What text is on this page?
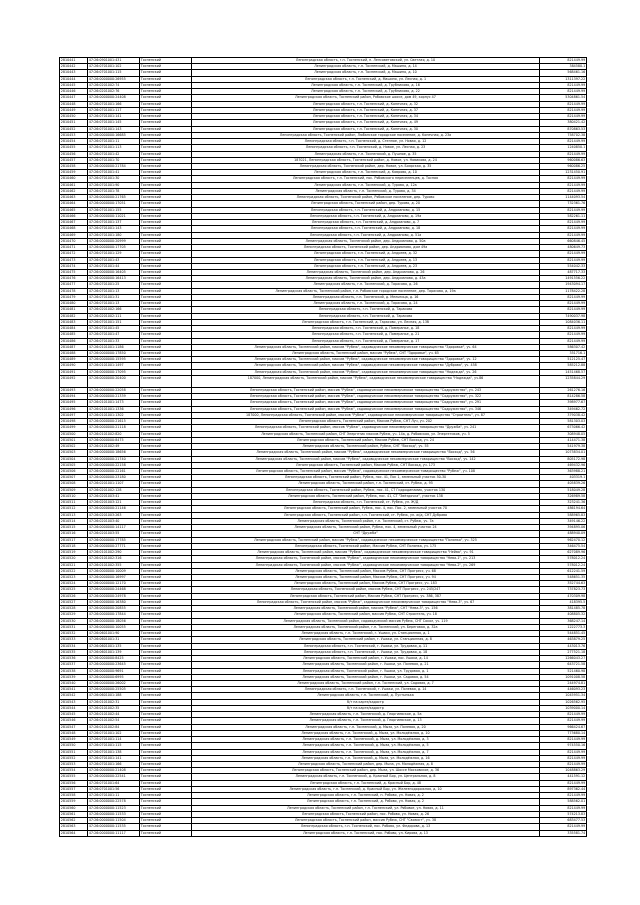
2810441	47:26:0901001:431	Тосненский	Ленинградская область, г.п. Тосненский, п. Ленсоветовский, ул. Светлая, д. 10	821449.99
2810442	47:26:0701001:102	Тосненский	Ленинградская область, г.п. Тосненский, д. Машино, д. 14	384580.1
2810443	47:26:0701001:115	Тосненский	Ленинградская область, г.п. Тосненский, д. Машино, д. 10	568461.16
2810444	47:26:0000000:26955	Тосненский	Ленинградская область, г.п. Тосненский, д. Машино, ул. Лесная, д. 1	1311397.22
2810445	47:26:0201002:74	Тосненский	Ленинградская область, г.п. Тосненский, д. Трубниково, д. 16	821449.99
2810446	47:26:0201002:76	Тосненский	Ленинградская область, г.п. Тосненский, д. Трубниково, д. 22	821449.99
2810447	47:26:0000000:24408	Тосненский	Ленинградская область, Тосненский район, Рябовское шоссе, дом 49, корпус 47	5304861.54
2810448	47:26:0701001:166	Тосненский	Ленинградская область, г.п. Тосненский, д. Конечная, д. 32	821449.99
2810449	47:26:0701001:117	Тосненский	Ленинградская область, г.п. Тосненский, д. Конечная, д. 37	821449.99
2810450	47:26:0701001:141	Тосненский	Ленинградская область, г.п. Тосненский, д. Конечная, д. 34	821449.99
2810451	47:26:0701001:145	Тосненский	Ленинградская область, г.п. Тосненский, д. Конечная, д. 49	380421.42
2810452	47:26:0701001:143	Тосненский	Ленинградская область, г.п. Тосненский, д. Конечная, д. 30	870863.53
2810453	47:26:0000000:16685	Тосненский	Ленинградская область, Тосненский район, Любанское городское поселение, д. Конечная, д. 23а	758702.38
2810454	47:26:0701001:11	Тосненский	Ленинградская область, г.п. Тосненский, д. Степное, ул. Новая, д. 12	821449.99
2810455	47:26:0701001:113	Тосненский	Ленинградская область, г.п. Тосненский, д. Новое, ул. Лесная, д. 23	1240850.1
2810456	47:26:0701001:42	Тосненский	Ленинградская область, г.п. Тосненский, д. Пушное, д. 35	821449.99
2810457	47:26:0701001:70	Тосненский	187021, Ленинградская область, Тосненский район, д. Новое, ул. Новикова, д. 24	960086.63
2810458	47:26:0000000:21784	Тосненский	Ленинградская область, Тосненский район, дер. Новое, ул. Боярская, д. 35	960086.25
2810459	47:26:0701001:41	Тосненский	Ленинградская область, г.п. Тосненский, д. Коврово, д. 10	1231450.91
2810460	47:26:0701001:30	Тосненский	Ленинградская область, г.п. Тосненский, пос. Рябовского переселенцев, д. Тосная	821449.99
2810461	47:26:0701001:90	Тосненский	Ленинградская область, г.п. Тосненский, д. Турово, д. 12а	821449.99
2810462	47:26:0701001:78	Тосненский	Ленинградская область, г.п. Тосненский, д. Турово, д. 34	821449.99
2810463	47:26:0000000:21765	Тосненский	Ленинградская область, Тосненский район, Рябовское поселение, дер. Турово	1144093.54
2810464	47:26:0000000:17051	Тосненский	Ленинградская область, Тосненский район, дер. Турово, д. 20	732361.76
2810465	47:26:0701001:155	Тосненский	Ленинградская область, г.п. Тосненский, д. Андрианово, д. 15	821449.99
2810466	47:26:0000000:11021	Тосненский	Ленинградская область, г.п. Тосненский, д. Андрианово, д. 19а	582261.11
2810467	47:26:0701001:137	Тосненский	Ленинградская область, г.п. Тосненский, д. Андрианово, д. 7	821449.99
2810468	47:26:0701001:143	Тосненский	Ленинградская область, г.п. Тосненский, д. Андрианово, д. 18	821449.99
2810469	47:26:0701001:180	Тосненский	Ленинградская область, г.п. Тосненский, д. Андрианово, д. 51а	821449.99
2810470	47:26:0000000:20999	Тосненский	Ленинградская область, Тосненский район, дер. Андрианово, д. 50а	660846.45
2810471	47:26:0000000:17705	Тосненский	Ленинградская область, Тосненский район, дер. Андрианово, дом 49а	480649.73
2810472	47:26:0701001:129	Тосненский	Ленинградская область, г.п. Тосненский, д. Андреев, д. 32	821449.99
2810473	47:26:0701001:43	Тосненский	Ленинградская область, г.п. Тосненский, д. Андреев, д. 13	821449.99
2810474	47:26:0701001:44	Тосненский	Ленинградская область, г.п. Тосненский, д. Андреев, д. 23	554042.33
2810475	47:26:0000000:16405	Тосненский	Ленинградская область, Тосненский район, дер. Андрианово, д. 26	487717.33
2810476	47:26:0000000:16413	Тосненский	Ленинградская область, Тосненский район, дер. Андрианово, д. 43а	1491556.22
2810477	47:26:0701001:25	Тосненский	Ленинградская область, г.п. Тосненский, д. Тарасово, д. 26	1943094.17
2810478	47:26:0701001:13	Тосненский	Ленинградская область, Тосненский район, г.п. Рябовское городское поселение, дер. Тарасово, д. 19а	1178422.28
2810479	47:26:0701001:31	Тосненский	Ленинградская область, г.п. Тосненский, д. Мельница, д. 16	821449.99
2810480	47:26:0701001:13	Тосненский	Ленинградская область, г.п. Тосненский, д. Тарасово, д. 24	821449.99
2810481	47:26:0201002:166	Тосненский	Ленинградская область, г.п. Тосненский, д. Тарасово	821449.99
2810482	47:26:0201002:111	Тосненский	Ленинградская область, г.п. Тосненский, д. Тарасово	7490037.98
2810483	47:26:0701001:151	Тосненский	Ленинградская область, г.п. Тосненский, д. Тарасово, ул. Лесная, д. 13б	1084036.11
2810484	47:26:0701001:45	Тосненский	Ленинградская область, г.п. Тосненский, д. Померанье, д. 18	821449.99
2810485	47:26:0701001:47	Тосненский	Ленинградская область, г.п. Тосненский, д. Померанье, д. 21	821449.99
2810486	47:26:0701001:33	Тосненский	Ленинградская область, г.п. Тосненский, д. Померанье, д. 17	821449.99
2810487	47:26:0101001:1186	Тосненский	Ленинградская область, Тосненский район, массив "Рубеж", садоводческое некоммерческое товарищество "Здоровье", уч. 64	586307.42
2810488	47:26:0000000:17850	Тосненский	Ленинградская область, Тосненский район, массив "Рубеж", СНТ "Здоровье", уч. 65	351716.1
2810489	47:26:0000000:15595	Тосненский	Ленинградская область, Тосненский район, массив "Рубеж", садоводческое некоммерческое товарищество "Здоровье", уч. 12	512125.47
2810490	47:26:0101001:1497	Тосненский	Ленинградская область, Тосненский район, массив "Рубеж", садоводческое некоммерческое товарищество "Дубрава", уч. 458	585212.88
2810491	47:26:0000000:17095	Тосненский	Ленинградская область, Тосненский район, массив "Рубеж", садоводческое некоммерческое товарищество "Надежда", уч. 26	1451468.57
2810492	47:26:0000000:20400	Тосненский	187000, Ленинградская область, Тосненский район, массив "Рубеж", садоводческое некоммерческое товарищество "Надежда", уч.86	1235844.29
2810493	47:26:0000000:22058	Тосненский	Ленинградская область, Тосненский район, массив "Рубеж", садоводческое некоммерческое товарищество "Содружество", уч. 243	261276.16
2810494	47:26:0000000:21339	Тосненский	Ленинградская область, Тосненский район, массив "Рубеж", садоводческое некоммерческое товарищество "Содружество", уч. 322	814286.58
2810495	47:26:0101001:1473	Тосненский	Ленинградская область, Тосненский район, массив "Рубеж", садоводческое некоммерческое товарищество "Содружество", уч. 291	398977.67
2810496	47:26:0101001:1336	Тосненский	Ленинградская область, Тосненский район, массив "Рубеж", садоводческое некоммерческое товарищество "Содружество", уч. 346	349462.72
2810497	47:26:0101001:1302	Тосненский	187000, Ленинградская область, Тосненский район, массив "Рубеж", садоводческое некоммерческое товарищество "Строитель", уч. 87	379038.42
2810498	47:26:0000000:21615	Тосненский	Ленинградская область, Тосненский район, Массив Рубеж, СНТ Луч, уч. 202	581303.03
2810499	47:26:0000000:21118	Тосненский	Ленинградская область, Тосненский район, массив "Рубеж", садоводческое некоммерческое товарищество "Дружба", уч. 241	673066.42
2810500	47:26:0101002:820	Тосненский	Ленинградская область, Тосненский район, СНТ Энергетик массив Рубеж, уч. 14а, д. Рябовская, ул. Энергетиков, уч. 5	308948.05
2810501	47:26:0000000:8475	Тосненский	Ленинградская область, Тосненский район, Массив Рубеж, СНТ Восход, уч. 24	414471.38
2810502	47:26:0101002:49	Тосненский	Ленинградская область, Тосненский район, Рубеж, СНТ "Восход", уч. 55	541979.38
2810503	47:26:0000000:18656	Тосненский	Ленинградская область, Тосненский район, массив "Рубеж", садоводческое некоммерческое товарищество "Восход", уч. 56	1073834.01
2810504	47:26:0000000:21740	Тосненский	Ленинградская область, Тосненский район, массив "Рубеж", садоводческое некоммерческое товарищество "Восход", уч. 142	805172.98
2810505	47:26:0000000:22158	Тосненский	Ленинградская область, Тосненский район, Массив Рубеж, СНТ Восход, уч. 173	469432.96
2810506	47:26:0000000:22161	Тосненский	Ленинградская область, Тосненский район, массив "Рубеж", садоводческое некоммерческое товарищество "Рубеж", уч. 108	363988.21
2810507	47:26:0000000:23180	Тосненский	Ленинградская область, Тосненский район, Рубеж, пос. 41, Пос 1, земельный участок 50-30	403319.1
2810508	47:26:0201001:1107	Тосненский	Ленинградская область, Тосненский район, г.п. Тосненский, ст. Рубеж, д. 95	405839.26
2810509	47:26:0201002:128	Тосненский	Ленинградская область, Тосненский район, Рубеж, пос. 41, СТ Гидродинамик, участок 130	518049.28
2810510	47:26:0201003:41	Тосненский	Ленинградская область, Тосненский район, Рубеж, пос. 41, СТ "Звёздочка", участок 138	326989.58
2810511	47:26:0201003:121	Тосненский	Ленинградская область, г.п. Тосненский, ст. Рубеж, ул. Ж/Д	323241.36
2810512	47:26:0000000:21146	Тосненский	Ленинградская область, Тосненский район, Рубеж, пос. 4, пос. Пос. 2, земельный участок 70	486194.64
2810513	47:26:0201003:263	Тосненский	Ленинградская область, Тосненский район, г.п. Тосненский, ст. Рубеж, ул. ж/д, СНТ Дубрава	588965.83
2810514	47:26:0201003:40	Тосненский	Ленинградская область, Тосненский район, г.п. Тосненский, ст. Рубеж, уч. 7а	349146.22
2810515	47:26:0000000:14117	Тосненский	Ленинградская область, Тосненский район, Рубеж, пос. 4, земельный участок 24	394895.06
2810516	47:26:0201003:55	Тосненский	СНТ "Дружба"	488940.09
2810517	47:26:0000000:17785	Тосненский	Ленинградская область, Тосненский район, массив "Рубеж", садоводческое некоммерческое товарищество "Полянка", уч. 325	962470.12
2810518	47:26:0000000:27771	Тосненский	Ленинградская область, Тосненский район, Массив Рубеж, СНТ Полянка, уч. 175	346475.54
2810519	47:26:0101002:290	Тосненский	Ленинградская область, Тосненский район, массив "Рубеж", садоводческое некоммерческое товарищество "Нейва", уч. 91	627089.96
2810520	47:26:0101002:316	Тосненский	Ленинградская область, Тосненский район, массив "Рубеж", садоводческое некоммерческое товарищество "Нева-1", уч. 213	578012.24
2810521	47:26:0101002:355	Тосненский	Ленинградская область, Тосненский район, массив "Рубеж", садоводческое некоммерческое товарищество "Нева-2", уч. 269	578012.24
2810522	47:26:0000000:10009	Тосненский	Ленинградская область, Тосненский район, Массив Рубеж, СНТ Прогресс, уч. 68	612241.59
2810523	47:26:0000000:16997	Тосненский	Ленинградская область, Тосненский район, Массив Рубеж, СНТ Прогресс, уч. 94	548651.35
2810524	47:26:0000000:12170	Тосненский	Ленинградская область, Тосненский район, Массив Рубеж, СНТ Прогресс, уч. 183	352744.63
2810525	47:26:0000000:24468	Тосненский	Ленинградская область, Тосненский район, массив Рубеж, СНТ Прогресс, уч. 245/247	737823.73
2810526	47:26:0000000:24978	Тосненский	Ленинградская область, Тосненский район, Массив Рубеж, СНТ Прогресс, уч. 386, 387	470309.98
2810527	47:26:0000000:16380	Тосненский	Ленинградская область, Тосненский район, массив "Рубеж", садоводческое некоммерческое товарищество "Нева-3", уч. 67	418395.5
2810528	47:26:0000000:20855	Тосненский	Ленинградская область, Тосненский район, массив "Рубеж", СНТ "Нева-3", уч. 156	381485.78
2810529	47:26:0000000:17844	Тосненский	Ленинградская область, Тосненский район, массив Рубеж, СНТ Строитель, уч. 18	408805.32
2810530	47:26:0000000:18056	Тосненский	Ленинградская область, Тосненский район, садоводческий массив Рубеж, СНТ Сокол, уч. 119	368247.14
2810531	47:26:0000000:10055	Тосненский	Ленинградская область, Тосненский район, г.п. Тосненский, ул. Береговая, д. 32а	1222773.3
2810532	47:26:0601001:90	Тосненский	Ленинградская область, г.п. Тосненский, г. Ушаки, ул. Станционная, д. 1	544851.45
2810533	47:26:0601001:31	Тосненский	Ленинградская область, Тосненский район, г. Ушаки, ул. Станционная, д. 8	463879.25
2810534	47:26:0601001:135	Тосненский	Ленинградская область, г.п. Тосненский, г. Ушаки, ул. Трудовая, д. 11	443013.76
2810535	47:26:0601001:139	Тосненский	Ленинградская область, г.п. Тосненский, г. Ушаки, ул. Трудовая, д. 18	277521.18
2810536	47:26:0000000:8425	Тосненский	Ленинградская область, Тосненский район, г. Ушаки, пос. Ушаки, д. 14	1266043.27
2810537	47:26:0000000:23645	Тосненский	Ленинградская область, Тосненский район, г. Ушаки, ул. Полевая, д. 21	643721.58
2810538	47:26:0000000:9691	Тосненский	Ленинградская область, Тосненский район, г. Ушаки, ул. Трудовая, д. 1	521460.98
2810539	47:26:0000000:6995	Тосненский	Ленинградская область, Тосненский район, г. Ушаки, ул. Садовая, д. 54	1091008.58
2810540	47:26:0000000:26002	Тосненский	Ленинградская область, Тосненский район, г.п. Тосненский, ул. Садовая, д. 7	244974.81
2810541	47:26:0000000:25505	Тосненский	Ленинградская область, г.п. Тосненский, г. Ушаки, ул. Полевая, д. 14	446093.23
2810542	47:26:0601001:188	Тосненский	Ленинградская область, г.п. Тосненский, д. Пустынька	1045951.34
2810543	47:26:0101002:31	Тосненский	б/т на карте/кадастр	1026562.95
2810544	47:26:0101002:35	Тосненский	б/т на карте/кадастр	1039000.14
2810545	47:26:0101002:44	Тосненский	Ленинградская область, г.п. Тосненский, д. Георгиевское, д. 5а	821449.99
2810546	47:26:0101002:54	Тосненский	Ленинградская область, г.п. Тосненский, д. Георгиевское, д. 13	821449.99
2810547	47:26:0101002:84	Тосненский	Ленинградская область, г.п. Тосненский, д. Мыза, ул. Полевая, д. 20	966424.67
2810548	47:26:0701001:102	Тосненский	Ленинградская область, г.п. Тосненский, д. Мыза, ул. Молодёжная, д. 10	773680.14
2810549	47:26:0701001:114	Тосненский	Ленинградская область, г.п. Тосненский, д. Мыза, ул. Молодёжная, д. 3	821449.99
2810550	47:26:0701001:115	Тосненский	Ленинградская область, г.п. Тосненский, д. Мыза, ул. Молодёжная, д. 5	974550.16
2810551	47:26:0701001:138	Тосненский	Ленинградская область, г.п. Тосненский, д. Мыза, ул. Молодёжная, д. 7	821449.99
2810552	47:26:0701001:141	Тосненский	Ленинградская область, г.п. Тосненский, д. Мыза, ул. Молодёжная, д. 16	821449.99
2810553	47:26:0701001:166	Тосненский	Ленинградская область, Тосненский район, дер. Мыза, ул. Молодёжная, д. 8	821449.99
2810554	47:26:0000000:21408	Тосненский	Ленинградская область, Тосненский район, дер. Мыза, ул. Шоссе Московское, д. 36	1048863.29
2810555	47:26:0000000:22541	Тосненский	Ленинградская область, г.п. Тосненский, д. Красный Бор, ул. Центральная, д. 8	441591.12
2810556	47:26:0701001:64	Тосненский	Ленинградская область, г.п. Тосненский, д. Красный Бор, д. 48	821449.99
2810557	47:26:0701001:56	Тосненский	Ленинградская область, г.п. Тосненский, д. Красный Бор, ул. Железнодорожная, д. 10	897362.44
2810558	47:26:0701001:11	Тосненский	Ленинградская область, г.п. Тосненский, п. Рябово, ул. Новая, д. 2	821449.99
2810559	47:26:0000000:22578	Тосненский	Ленинградская область, г.п. Тосненский, д. Рябово, ул. Новая, д. 2	588562.01
2810560	47:26:0000000:11523	Тосненский	Ленинградская область, Тосненский район, г.п. Тосненский, ул. Рябовое, ул. Новая, д. 11	821449.99
2810561	47:26:0000000:11533	Тосненский	Ленинградская область, Тосненский район, пос. Рябово, ул. Новая, д. 26	574213.83
2810562	47:26:0000000:11504	Тосненский	Ленинградская область, Тосненский район, массив Рубеж, СНТ "Связист", уч. 38	683477.53
2810563	47:26:0000000:11535	Тосненский	Ленинградская область, г.п. Тосненский, пос. Рябово, ул. Федорова, д. 13	821449.99
2810564	47:26:0000000:11117	Тосненский	Ленинградская область, г.п. Тосненский, пос. Рябово, ул. Кирова, д. 13	335581.74
